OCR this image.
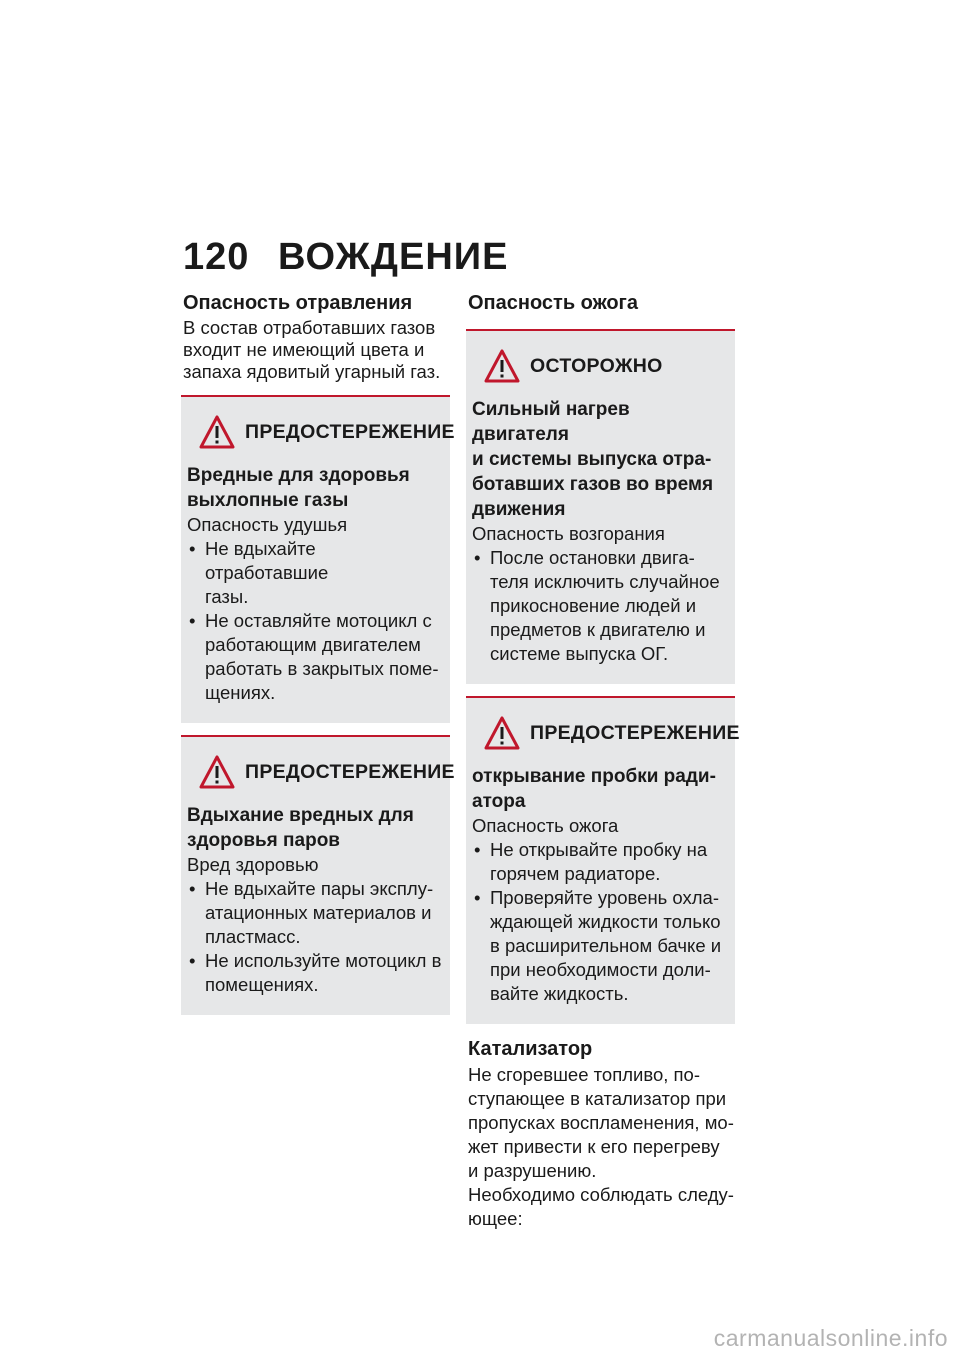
120 ВОЖДЕНИЕ

Опасность отравления

В состав отработавших газов
входит не имеющий цвета и
запаха ядовитый угарный газ.

ПРЕДОСТЕРЕЖЕНИЕ
Вредные для здоровья
выхлопные газы
Опасность удушья
• Не вдыхайте отработавшие
газы.
• Не оставляйте мотоцикл с
работающим двигателем
работать в закрытых поме-
щениях.
ПРЕДОСТЕРЕЖЕНИЕ
Вдыхание вредных для
здоровья паров
Вред здоровью
• Не вдыхайте пары эксплу-
атационных материалов и
пластмасс.
• Не используйте мотоцикл в
помещениях.

Опасность ожога

ОСТОРОЖНО
Сильный нагрев двигателя
и системы выпуска отра-
ботавших газов во время
движения
Опасность возгорания
• После остановки двига-
теля исключить случайное
прикосновение людей и
предметов к двигателю и
системе выпуска ОГ.
ПРЕДОСТЕРЕЖЕНИЕ
открывание пробки ради-
атора
Опасность ожога
• Не открывайте пробку на
горячем радиаторе.
• Проверяйте уровень охла-
ждающей жидкости только
в расширительном бачке и
при необходимости доли-
вайте жидкость.

Катализатор

Не сгоревшее топливо, по-
ступающее в катализатор при
пропусках воспламенения, мо-
жет привести к его перегреву
и разрушению.
Необходимо соблюдать следу-
ющее:

carmanualsonline.info
